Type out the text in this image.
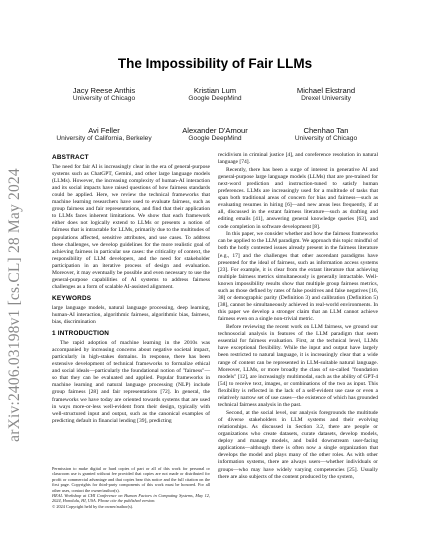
arXiv:2406.03198v1 [cs.CL] 28 May 2024
The Impossibility of Fair LLMs
Jacy Reese Anthis
University of Chicago
Kristian Lum
Google DeepMind
Michael Ekstrand
Drexel University
Avi Feller
University of California, Berkeley
Alexander D'Amour
Google DeepMind
Chenhao Tan
University of Chicago
ABSTRACT

The need for fair AI is increasingly clear in the era of general-purpose systems such as ChatGPT, Gemini, and other large language models (LLMs). However, the increasing complexity of human-AI interaction and its social impacts have raised questions of how fairness standards could be applied. Here, we review the technical frameworks that machine learning researchers have used to evaluate fairness, such as group fairness and fair representations, and find that their application to LLMs faces inherent limitations. We show that each framework either does not logically extend to LLMs or presents a notion of fairness that is intractable for LLMs, primarily due to the multitudes of populations affected, sensitive attributes, and use cases. To address these challenges, we develop guidelines for the more realistic goal of achieving fairness in particular use cases: the criticality of context, the responsibility of LLM developers, and the need for stakeholder participation in an iterative process of design and evaluation. Moreover, it may eventually be possible and even necessary to use the general-purpose capabilities of AI systems to address fairness challenges as a form of scalable AI-assisted alignment.

KEYWORDS

large language models, natural language processing, deep learning, human-AI interaction, algorithmic fairness, algorithmic bias, fairness, bias, discrimination

1 INTRODUCTION

The rapid adoption of machine learning in the 2010s was accompanied by increasing concerns about negative societal impact, particularly in high-stakes domains. In response, there has been extensive development of technical frameworks to formalize ethical and social ideals—particularly the foundational notion of "fairness"—so that they can be evaluated and applied. Popular frameworks in machine learning and natural language processing (NLP) include group fairness [28] and fair representations [72]. In general, the frameworks we have today are oriented towards systems that are used in ways more-or-less well-evident from their design, typically with well-structured input and output, such as the canonical examples of predicting default in financial lending [39], predicting

Permission to make digital or hard copies of part or all of this work for personal or classroom use is granted without fee provided that copies are not made or distributed for profit or commercial advantage and that copies bear this notice and the full citation on the first page. Copyrights for third-party components of this work must be honored. For all other uses, contact the owner/author(s).

HEAL Workshop at CHI Conference on Human Factors in Computing Systems, May 12, 2024, Honolulu, HI, USA. Please cite the published version.

© 2024 Copyright held by the owner/author(s).

recidivism in criminal justice [4], and coreference resolution in natural language [74].

Recently, there has been a surge of interest in generative AI and general-purpose large language models (LLMs) that are pre-trained for next-word prediction and instruction-tuned to satisfy human preferences. LLMs are increasingly used for a multitude of tasks that span both traditional areas of concern for bias and fairness—such as evaluating resumes in hiring [6]—and new areas less frequently, if at all, discussed in the extant fairness literature—such as drafting and editing emails [41], answering general knowledge queries [63], and code completion in software development [8].

In this paper, we consider whether and how the fairness frameworks can be applied to the LLM paradigm. We approach this topic mindful of both the hotly contested issues already present in the fairness literature [e.g., 17] and the challenges that other ascendant paradigms have presented for the ideal of fairness, such as information access systems [23]. For example, it is clear from the extant literature that achieving multiple fairness metrics simultaneously is generally intractable. Well-known impossibility results show that multiple group fairness metrics, such as those defined by rates of false positives and false negatives [16, 38] or demographic parity (Definition 3) and calibration (Definition 5) [38], cannot be simultaneously achieved in real-world environments. In this paper we develop a stronger claim that an LLM cannot achieve fairness even on a single non-trivial metric.

Before reviewing the recent work on LLM fairness, we ground our technosocial analysis in features of the LLM paradigm that seem essential for fairness evaluation. First, at the technical level, LLMs have exceptional flexibility. While the input and output have largely been restricted to natural language, it is increasingly clear that a wide range of content can be represented in LLM-suitable natural language. Moreover, LLMs, or more broadly the class of so-called "foundation models" [12], are increasingly multimodal, such as the ability of GPT-4 [54] to receive text, images, or combinations of the two as input. This flexibility is reflected in the lack of a self-evident use case or even a relatively narrow set of use cases—the existence of which has grounded technical fairness analysis in the past.

Second, at the social level, our analysis foregrounds the multitude of diverse stakeholders in LLM systems and their evolving relationships. As discussed in Section 3.2, there are people or organizations who create datasets, curate datasets, develop models, deploy and manage models, and build downstream user-facing applications—although there is often now a single organization that develops the model and plays many of the other roles. As with other information systems, there are always users—whether individuals or groups—who may have widely varying competencies [25]. Usually there are also subjects of the content produced by the system,
